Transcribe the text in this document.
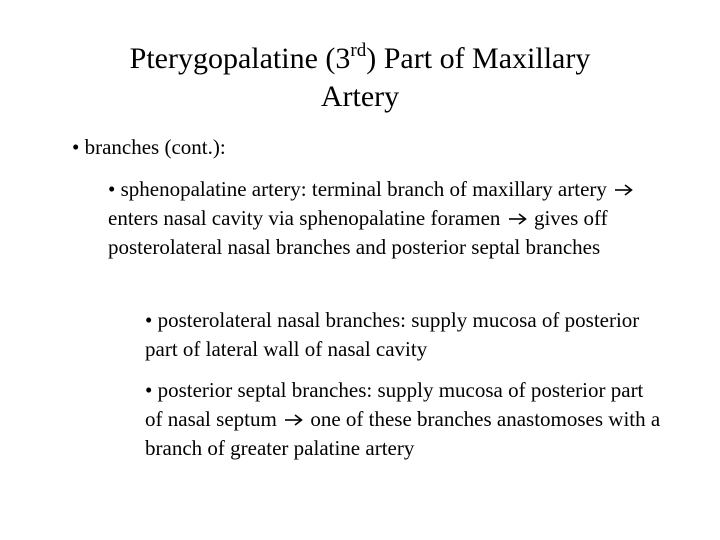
Pterygopalatine (3rd) Part of Maxillary
Artery
• branches (cont.):
• sphenopalatine artery: terminal branch of maxillary artery  enters nasal cavity via sphenopalatine foramen  gives off posterolateral nasal branches and posterior septal branches
• posterolateral nasal branches: supply mucosa of posterior part of lateral wall of nasal cavity
• posterior septal branches: supply mucosa of posterior part of nasal septum  one of these branches anastomoses with a branch of greater palatine artery
